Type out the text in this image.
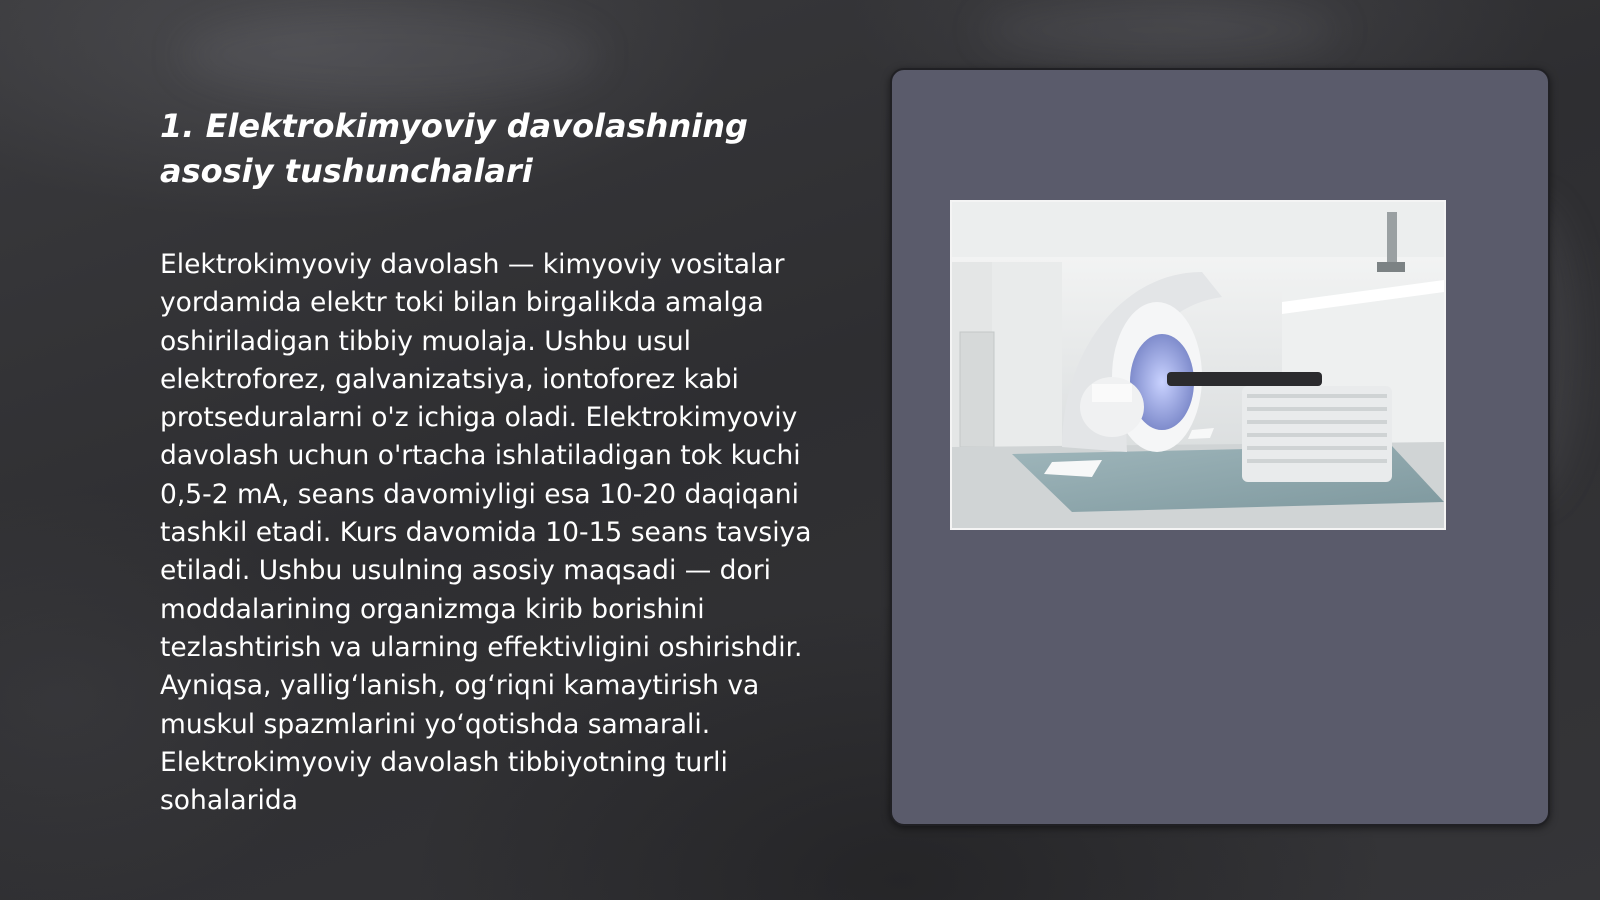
1. Elektrokimyoviy davolashning asosiy tushunchalari

Elektrokimyoviy davolash — kimyoviy vositalar yordamida elektr toki bilan birgalikda amalga oshiriladigan tibbiy muolaja. Ushbu usul elektroforez, galvanizatsiya, iontoforez kabi protseduralarni o'z ichiga oladi. Elektrokimyoviy davolash uchun o'rtacha ishlatiladigan tok kuchi 0,5-2 mA, seans davomiyligi esa 10-20 daqiqani tashkil etadi. Kurs davomida 10-15 seans tavsiya etiladi. Ushbu usulning asosiy maqsadi — dori moddalarining organizmga kirib borishini tezlashtirish va ularning effektivligini oshirishdir. Ayniqsa, yallig‘lanish, og‘riqni kamaytirish va muskul spazmlarini yo‘qotishda samarali. Elektrokimyoviy davolash tibbiyotning turli sohalarida
